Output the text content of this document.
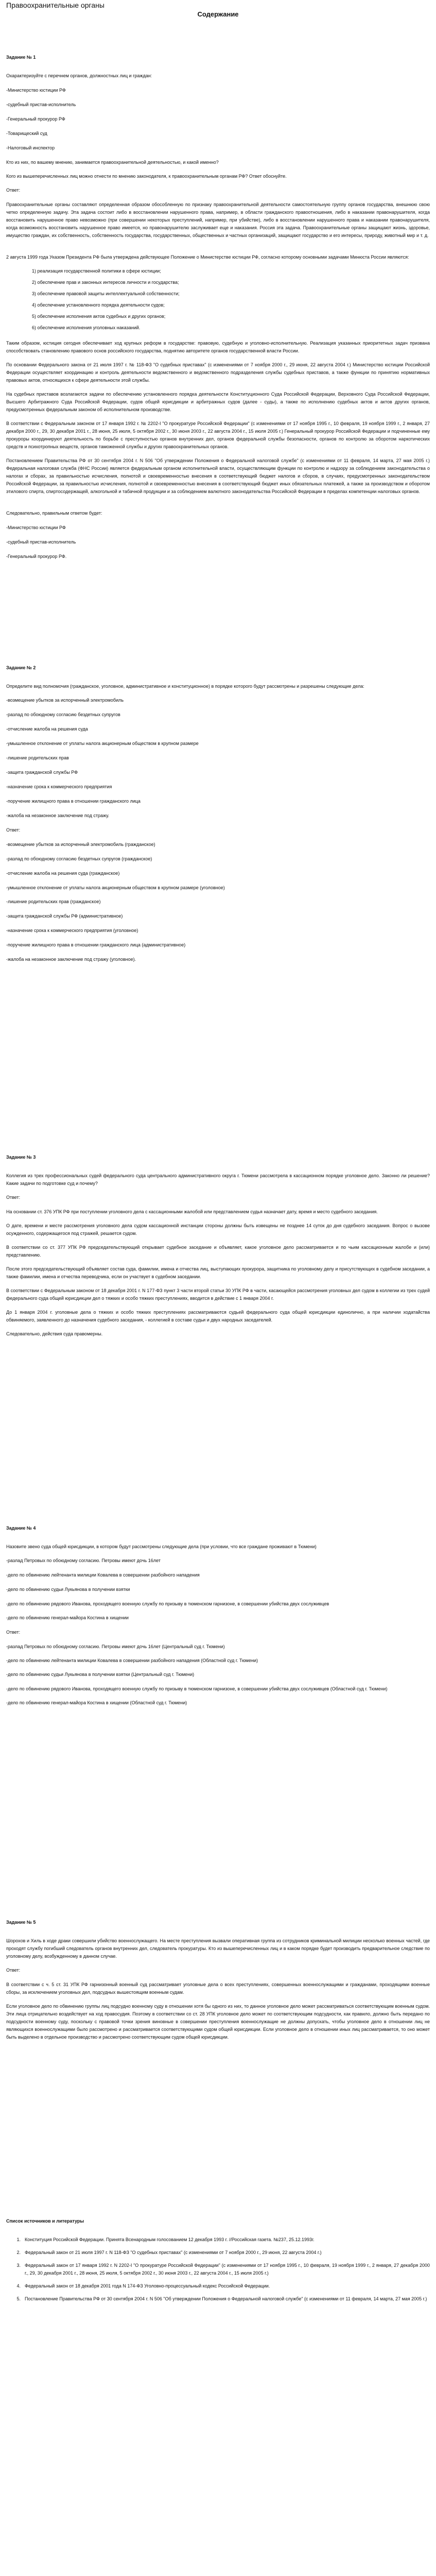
Правоохранительные органы
Содержание

Задание № 1

Охарактеризуйте с перечнем органов, должностных лиц и граждан:

-Министерство юстиции РФ

-судебный пристав-исполнитель

-Генеральный прокурор РФ

-Товарищеский суд

-Налоговый инспектор

Кто из них, по вашему мнению, занимается правоохранительной деятельностью, и какой именно?

Кого из вышеперечисленных лиц можно отнести по мнению законодателя, к правоохранительным органам РФ? Ответ обоснуйте.

Ответ:

Правоохранительные органы составляют определенная образом обособленную по признаку правоохранительной деятельности самостоятельную группу органов государства, внешнюю свою четко определенную задачу. Эта задача состоит либо в восстановлении нарушенного права, например, в области гражданского правоотношения, либо в наказании правонарушителя, когда восстановить нарушенное право невозможно (при совершении некоторых преступлений, например, при убийстве), либо в восстановлении нарушенного права и наказании правонарушителя, когда возможность восстановить нарушенное право имеется, но правонарушителю заслуживает еще и наказания. Россия эта задача. Правоохранительные органы защищают жизнь, здоровье, имущество граждан, их собственность, собственность государства, государственных, общественных и частных организаций, защищают государство и его интересы, природу, животный мир и т. д.

2 августа 1999 года Указом Президента РФ была утверждена действующее Положение о Министерстве юстиции РФ, согласно которому основными задачами Минюста России являются:

1) реализация государственной политики в сфере юстиции;

2) обеспечение прав и законных интересов личности и государства;

3) обеспечение правовой защиты интеллектуальной собственности;

4) обеспечение установленного порядка деятельности судов;

5) обеспечение исполнения актов судебных и других органов;

6) обеспечение исполнения уголовных наказаний.

Таким образом, юстиция сегодня обеспечивает ход крупных реформ в государстве: правовую, судебную и уголовно-исполнительную. Реализация указанных приоритетных задач призвана способствовать становлению правового основ российского государства, поднятию авторитете органов государственной власти России.

По основании Федерального закона от 21 июля 1997 г. № 118-ФЗ "О судебных приставах" (с изменениями от 7 ноября 2000 г., 29 июня, 22 августа 2004 г.) Министерство юстиции Российской Федерации осуществляет координацию и контроль деятельности ведомственного и ведомственного подразделения службы судебных приставов, а также функции по принятию нормативных правовых актов, относящихся к сфере деятельности этой службы.

На судебных приставов возлагаются задачи по обеспечению установленного порядка деятельности Конституционного Суда Российской Федерации, Верховного Суда Российской Федерации, Высшего Арбитражного Суда Российской Федерации, судов общей юрисдикции и арбитражных судов (далее - суды), а также по исполнению судебных актов и актов других органов, предусмотренных федеральным законом об исполнительном производстве.

В соответствии с Федеральным законом от 17 января 1992 г. № 2202-I "О прокуратуре Российской Федерации" (с изменениями от 17 ноября 1995 г., 10 февраля, 19 ноября 1999 г., 2 января, 27 декабря 2000 г., 29, 30 декабря 2001 г., 28 июня, 25 июля, 5 октября 2002 г., 30 июня 2003 г., 22 августа 2004 г., 15 июля 2005 г.) Генеральный прокурор Российской Федерации и подчиненные ему прокуроры координируют деятельность по борьбе с преступностью органов внутренних дел, органов федеральной службы безопасности, органов по контролю за оборотом наркотических средств и психотропных веществ, органов таможенной службы и других правоохранительных органов.

Постановлением Правительства РФ от 30 сентября 2004 г. N 506 "Об утверждении Положения о Федеральной налоговой службе" (с изменениями от 11 февраля, 14 марта, 27 мая 2005 г.) Федеральная налоговая служба (ФНС России) является федеральным органом исполнительной власти, осуществляющим функции по контролю и надзору за соблюдением законодательства о налогах и сборах, за правильностью исчисления, полнотой и своевременностью внесения в соответствующий бюджет налогов и сборов, в случаях, предусмотренных законодательством Российской Федерации, за правильностью исчисления, полнотой и своевременностью внесения в соответствующий бюджет иных обязательных платежей, а также за производством и оборотом этилового спирта, спиртосодержащей, алкогольной и табачной продукции и за соблюдением валютного законодательства Российской Федерации в пределах компетенции налоговых органов.

Следовательно, правильным ответом будет:

-Министерство юстиции РФ

-судебный пристав-исполнитель

-Генеральный прокурор РФ.

Задание № 2

Определите вид полномочия (гражданское, уголовное, административное и конституционное) в порядке которого будут рассмотрены и разрешены следующие дела:

-возмещение убытков за испорченный электромобиль

-разлад по обоюдному согласию бездетных супругов

-отчисление жалоба на решения суда

-умышленное отклонение от уплаты налога акционерным обществом в крупном размере

-лишение родительских прав

-защита гражданской службы РФ

-назначение срока к коммерческого предприятия

-поручение жилищного права в отношении гражданского лица

-жалоба на незаконное заключение под стражу.

Ответ:

-возмещение убытков за испорченный электромобиль (гражданское)

-разлад по обоюдному согласию бездетных супругов (гражданское)

-отчисление жалоба на решения суда (гражданское)

-умышленное отклонение от уплаты налога акционерным обществом в крупном размере (уголовное)

-лишение родительских прав (гражданское)

-защита гражданской службы РФ (административное)

-назначение срока к коммерческого предприятия (уголовное)

-поручение жилищного права в отношении гражданского лица (административное)

-жалоба на незаконное заключение под стражу (уголовное).

Задание № 3

Коллегия из трех профессиональных судей федерального суда центрального административного округа г. Тюмени рассмотрела в кассационном порядке уголовное дело. Законно ли решение? Какие задачи по подготовке суд и почему?

Ответ:

На основании ст. 376 УПК РФ при поступлении уголовного дела с кассационными жалобой или представлением судья назначает дату, время и место судебного заседания.

О дате, времени и месте рассмотрения уголовного дела судом кассационной инстанции стороны должны быть извещены не позднее 14 суток до дня судебного заседания. Вопрос о вызове осужденного, содержащегося под стражей, решается судом.

В соответствии со ст. 377 УПК РФ председательствующий открывает судебное заседание и объявляет, какое уголовное дело рассматривается и по чьим кассационным жалобе и (или) представлению.

После этого председательствующий объявляет состав суда, фамилии, имена и отчества лиц, выступающих прокурора, защитника по уголовному делу и присутствующих в судебном заседании, а также фамилии, имена и отчества переводчика, если он участвует в судебном заседании.

В соответствии с Федеральным законом от 18 декабря 2001 г. N 177-ФЗ пункт 3 части второй статьи 30 УПК РФ в части, касающейся рассмотрения уголовных дел судом в коллегии из трех судей федерального суда общей юрисдикции дел о тяжких и особо тяжких преступлениях, вводится в действие с 1 января 2004 г.

До 1 января 2004 г. уголовные дела о тяжких и особо тяжких преступлениях рассматриваются судьей федерального суда общей юрисдикции единолично, а при наличии ходатайства обвиняемого, заявленного до назначения судебного заседания, - коллегией в составе судьи и двух народных заседателей.

Следовательно, действия суда правомерны.

Задание № 4

Назовите звено суда общей юрисдикции, в котором будут рассмотрены следующие дела (при условии, что все граждане проживают в Тюмени)

-разлад Петровых по обоюдному согласию. Петровы имеют дочь 16лет

-дело по обвинению лейтенанта милиции Ковалева в совершении разбойного нападения

-дело по обвинению судьи Лукьянова в получении взятки

-дело по обвинению рядового Иванова, проходящего военную службу по призыву в тюменском гарнизоне, в совершении убийства двух сослуживцев

-дело по обвинению генерал-майора Костина в хищении

Ответ:

-разлад Петровых по обоюдному согласию. Петровы имеют дочь 16лет (Центральный суд г. Тюмени)

-дело по обвинению лейтенанта милиции Ковалева в совершении разбойного нападения (Областной суд г. Тюмени)

-дело по обвинению судьи Лукьянова в получении взятки (Центральный суд г. Тюмени)

-дело по обвинению рядового Иванова, проходящего военную службу по призыву в тюменском гарнизоне, в совершении убийства двух сослуживцев (Областной суд г. Тюмени)

-дело по обвинению генерал-майора Костина в хищении (Областной суд г. Тюмени)

Задание № 5

Шорохов и Хиль в ходе драки совершили убийство военнослужащего. На месте преступления вызвали оперативная группа из сотрудников криминальной милиции несколько военных частей, где проходят службу погибший следователь органов внутренних дел, следователь прокуратуры. Кто из вышеперечисленных лиц и в каком порядке будет производить предварительное следствие по уголовному делу, возбужденному в данном случае.

Ответ:

В соответствии с ч. 5 ст. 31 УПК РФ гарнизонный военный суд рассматривает уголовные дела о всех преступлениях, совершенных военнослужащими и гражданами, проходящими военные сборы, за исключением уголовных дел, подсудных вышестоящим военным судам.

Если уголовное дело по обвинению группы лиц подсудно военному суду в отношении хотя бы одного из них, то данное уголовное дело может рассматриваться соответствующим военным судом. Эти лица отрицательно воздействует на ход правосудия. Поэтому в соответствии со ст. 28 УПК уголовное дело может по соответствующим подсудности, как правило, должно быть передано по подсудности военному суду, поскольку с правовой точки зрения виновные в совершении преступления военнослужащие не должны допускать, чтобы уголовное дело в отношении лиц не являющихся военнослужащими было рассмотрено и рассматривается соответствующими судом общей юрисдикции. Если уголовное дело в отношении иных лиц рассматривается, то оно может быть выделено в отдельное производство и рассмотрено соответствующим судом общей юрисдикции.

Список источников и литературы

1. Конституция Российской Федерации. Принята Всенародным голосованием 12 декабря 1993 г. //Российская газета. №237, 25.12.1993г.
2. Федеральный закон от 21 июля 1997 г. N 118-ФЗ "О судебных приставах" (с изменениями от 7 ноября 2000 г., 29 июня, 22 августа 2004 г.)
3. Федеральный закон от 17 января 1992 г. N 2202-I "О прокуратуре Российской Федерации" (с изменениями от 17 ноября 1995 г., 10 февраля, 19 ноября 1999 г., 2 января, 27 декабря 2000 г., 29, 30 декабря 2001 г., 28 июня, 25 июля, 5 октября 2002 г., 30 июня 2003 г., 22 августа 2004 г., 15 июля 2005 г.)
4. Федеральный закон от 18 декабря 2001 года N 174-ФЗ Уголовно-процессуальный кодекс Российской Федерации.
5. Постановление Правительства РФ от 30 сентября 2004 г. N 506 "Об утверждении Положения о Федеральной налоговой службе" (с изменениями от 11 февраля, 14 марта, 27 мая 2005 г.)
